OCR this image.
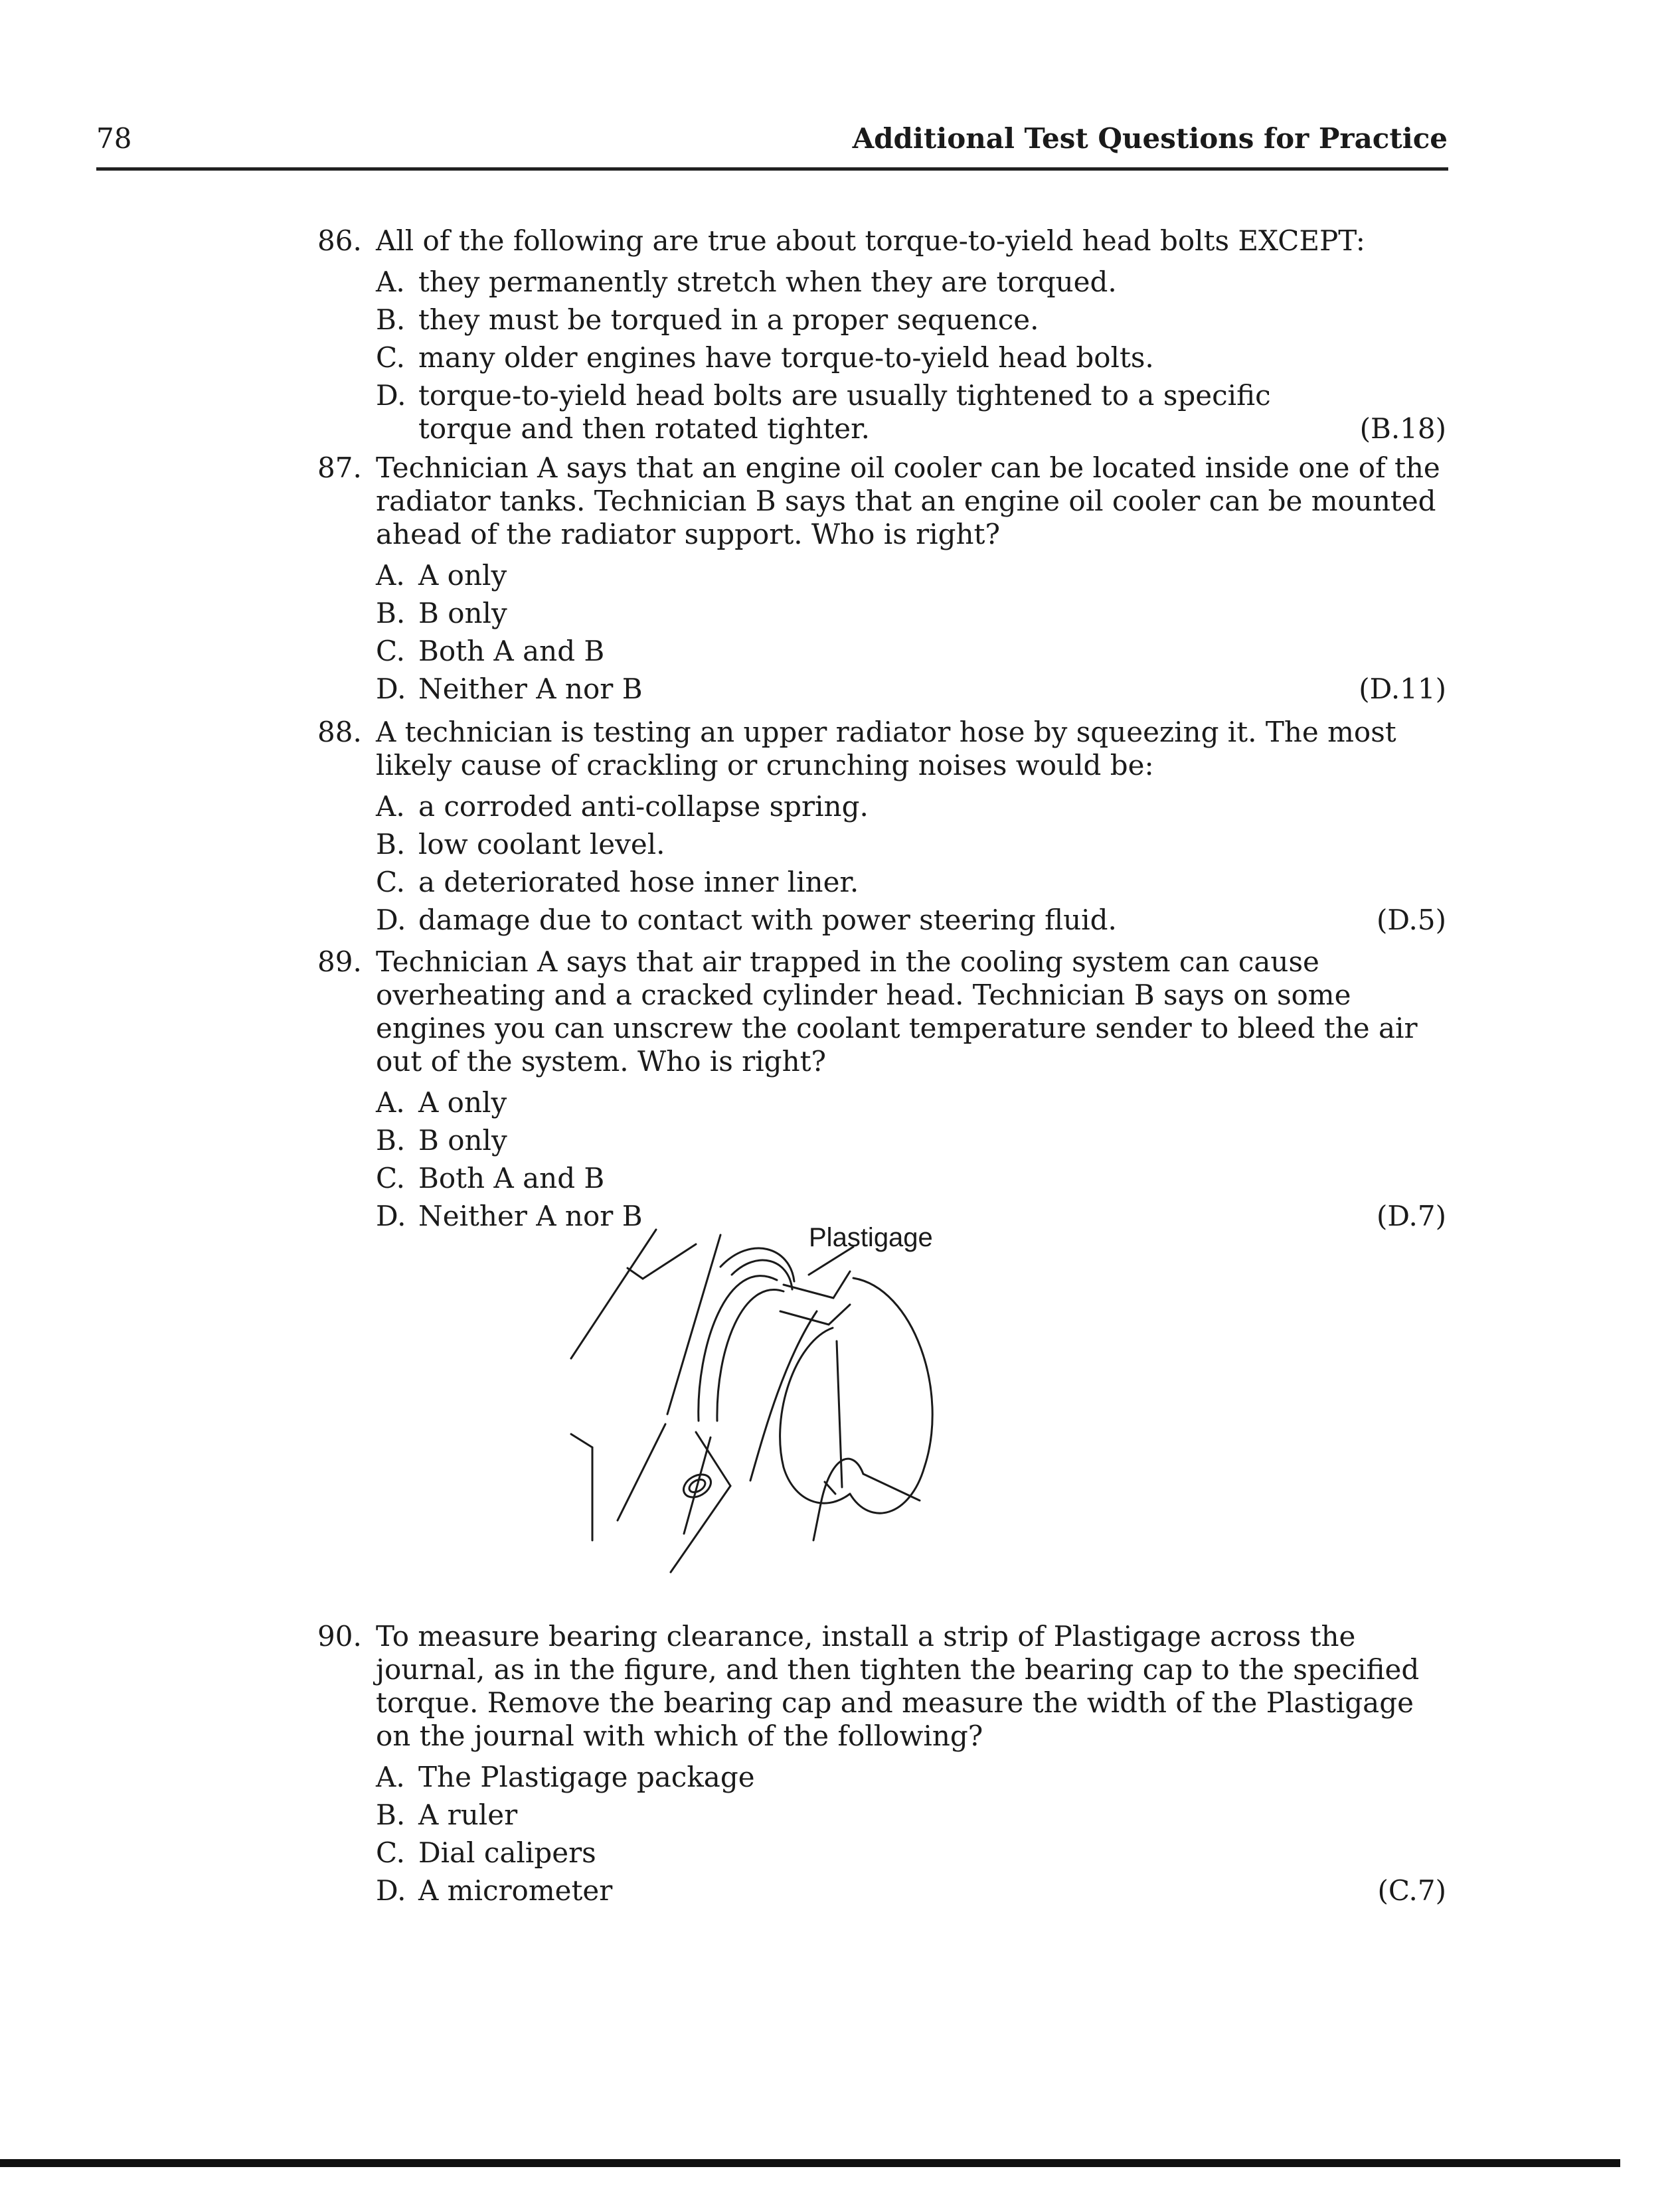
78	Additional Test Questions for Practice
86. All of the following are true about torque-to-yield head bolts EXCEPT:
A. they permanently stretch when they are torqued.
B. they must be torqued in a proper sequence.
C. many older engines have torque-to-yield head bolts.
D. torque-to-yield head bolts are usually tightened to a specific torque and then rotated tighter.	(B.18)
87. Technician A says that an engine oil cooler can be located inside one of the radiator tanks. Technician B says that an engine oil cooler can be mounted ahead of the radiator support. Who is right?
A. A only
B. B only
C. Both A and B
D. Neither A nor B	(D.11)
88. A technician is testing an upper radiator hose by squeezing it. The most likely cause of crackling or crunching noises would be:
A. a corroded anti-collapse spring.
B. low coolant level.
C. a deteriorated hose inner liner.
D. damage due to contact with power steering fluid.	(D.5)
89. Technician A says that air trapped in the cooling system can cause overheating and a cracked cylinder head. Technician B says on some engines you can unscrew the coolant temperature sender to bleed the air out of the system. Who is right?
A. A only
B. B only
C. Both A and B
D. Neither A nor B	(D.7)
Plastigage
90. To measure bearing clearance, install a strip of Plastigage across the journal, as in the figure, and then tighten the bearing cap to the specified torque. Remove the bearing cap and measure the width of the Plastigage on the journal with which of the following?
A. The Plastigage package
B. A ruler
C. Dial calipers
D. A micrometer	(C.7)
